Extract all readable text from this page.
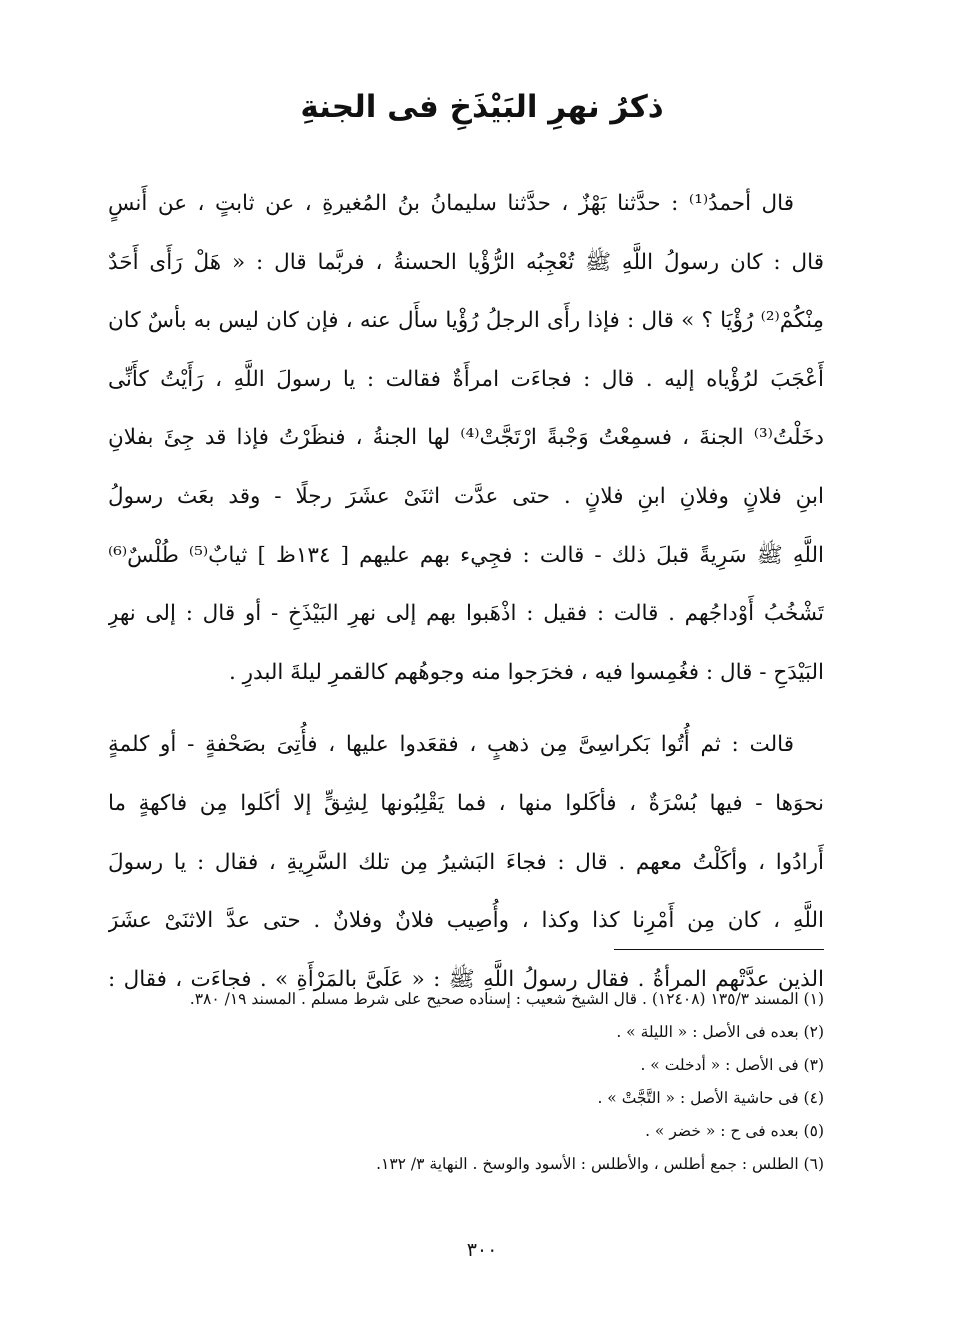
ذكرُ نهرِ البَيْذَخِ فى الجنةِ
قال أحمدُ⁽¹⁾ : حدَّثنا بَهْزٌ ، حدَّثنا سليمانُ بنُ المُغيرةِ ، عن ثابتٍ ، عن أَنسٍ
قال : كان رسولُ اللَّهِ ﷺ تُعْجِبُه الرُّؤْيا الحسنةُ ، فربَّما قال : « هَلْ رَأَى أَحَدٌ
مِنْكُمْ⁽²⁾ رُؤْيَا ؟ » قال : فإذا رأَى الرجلُ رُؤْيا سأَل عنه ، فإن كان ليس به بأسٌ كان
أَعْجَبَ لرُؤْياه إليه . قال : فجاءَت امرأَةٌ فقالت : يا رسولَ اللَّهِ ، رَأَيْتُ كأَنِّى
دخَلْتُ⁽³⁾ الجنةَ ، فسمِعْتُ وَجْبةً ارْتَجَّتْ⁽⁴⁾ لها الجنةُ ، فنظَرْتُ فإذا قد جِئَ بفلانِ
ابنِ فلانٍ وفلانِ ابنِ فلانٍ . حتى عدَّت اثنَىْ عشَرَ رجلًا - وقد بعَث رسولُ
اللَّهِ ﷺ سَرِيةً قبلَ ذلك - قالت : فجِيء بهم عليهم [ ١٣٤ظ ] ثيابٌ⁽⁵⁾ طُلْسٌ⁽⁶⁾
تَشْخُبُ أَوْداجُهم . قالت : فقيل : اذْهَبوا بهم إلى نهرِ البَيْذَخِ - أو قال : إلى نهرِ
البَيْدَحِ - قال : فغُمِسوا فيه ، فخرَجوا منه وجوهُهم كالقمرِ ليلةَ البدرِ .
قالت : ثم أُتُوا بَكراسِىَّ مِن ذهبٍ ، فقعَدوا عليها ، فأُتِىَ بصَحْفةٍ - أو كلمةٍ
نحوَها - فيها بُسْرَةٌ ، فأكَلوا منها ، فما يَقْلِبُونها لِشِقٍّ إلا أكَلوا مِن فاكهةٍ ما
أَرادُوا ، وأكَلْتُ معهم . قال : فجاءَ البَشيرُ مِن تلك السَّرِيةِ ، فقال : يا رسولَ
اللَّهِ ، كان مِن أَمْرِنا كذا وكذا ، وأُصِيب فلانٌ وفلانٌ . حتى عدَّ الاثنَىْ عشَرَ
الذين عدَّتْهم المرأةُ . فقال رسولُ اللَّهِ ﷺ : « عَلَىَّ بالمَرْأَةِ » . فجاءَت ، فقال :
(١) المسند ١٣٥/٣ (١٢٤٠٨) . قال الشيخ شعيب : إسناده صحيح على شرط مسلم . المسند ١٩/ ٣٨٠.
(٢) بعده فى الأصل : « الليلة » .
(٣) فى الأصل : « أدخلت » .
(٤) فى حاشية الأصل : « التَّجَّتْ » .
(٥) بعده فى ح : « خضر » .
(٦) الطلس : جمع أطلس ، والأطلس : الأسود والوسخ . النهاية ٣/ ١٣٢.
٣٠٠
